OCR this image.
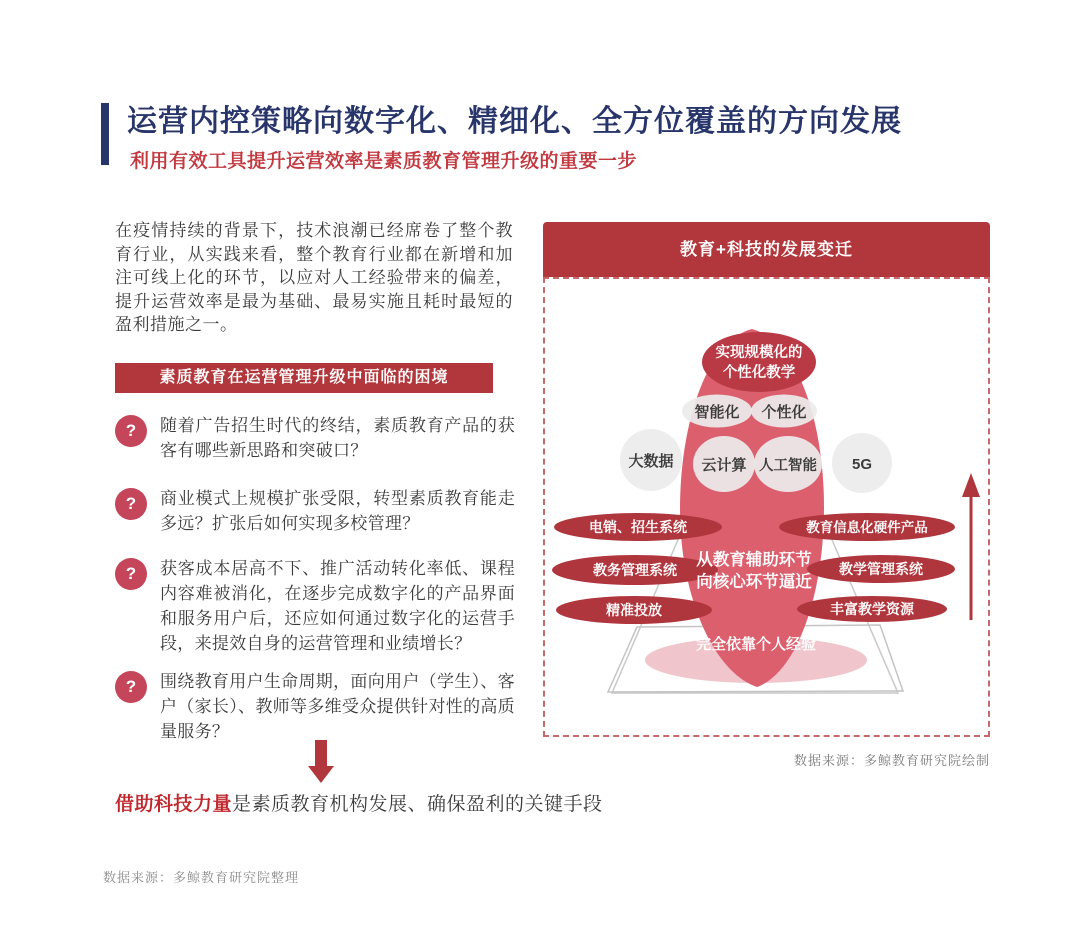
运营内控策略向数字化、精细化、全方位覆盖的方向发展
利用有效工具提升运营效率是素质教育管理升级的重要一步
在疫情持续的背景下，技术浪潮已经席卷了整个教育行业，从实践来看，整个教育行业都在新增和加注可线上化的环节，以应对人工经验带来的偏差，提升运营效率是最为基础、最易实施且耗时最短的盈利措施之一。
素质教育在运营管理升级中面临的困境
?	随着广告招生时代的终结，素质教育产品的获客有哪些新思路和突破口？
?	商业模式上规模扩张受限，转型素质教育能走多远？扩张后如何实现多校管理？
?	获客成本居高不下、推广活动转化率低、课程内容难被消化，在逐步完成数字化的产品界面和服务用户后，还应如何通过数字化的运营手段，来提效自身的运营管理和业绩增长？
?	围绕教育用户生命周期，面向用户（学生）、客户（家长）、教师等多维受众提供针对性的高质量服务？
借助科技力量是素质教育机构发展、确保盈利的关键手段
数据来源：多鲸教育研究院整理
教育+科技的发展变迁
实现规模化的
个性化教学
智能化 个性化
大数据 云计算 人工智能 5G
电销、招生系统
教务管理系统
精准投放
教育信息化硬件产品
教学管理系统
丰富教学资源
从教育辅助环节
向核心环节逼近
完全依靠个人经验
数据来源：多鲸教育研究院绘制
